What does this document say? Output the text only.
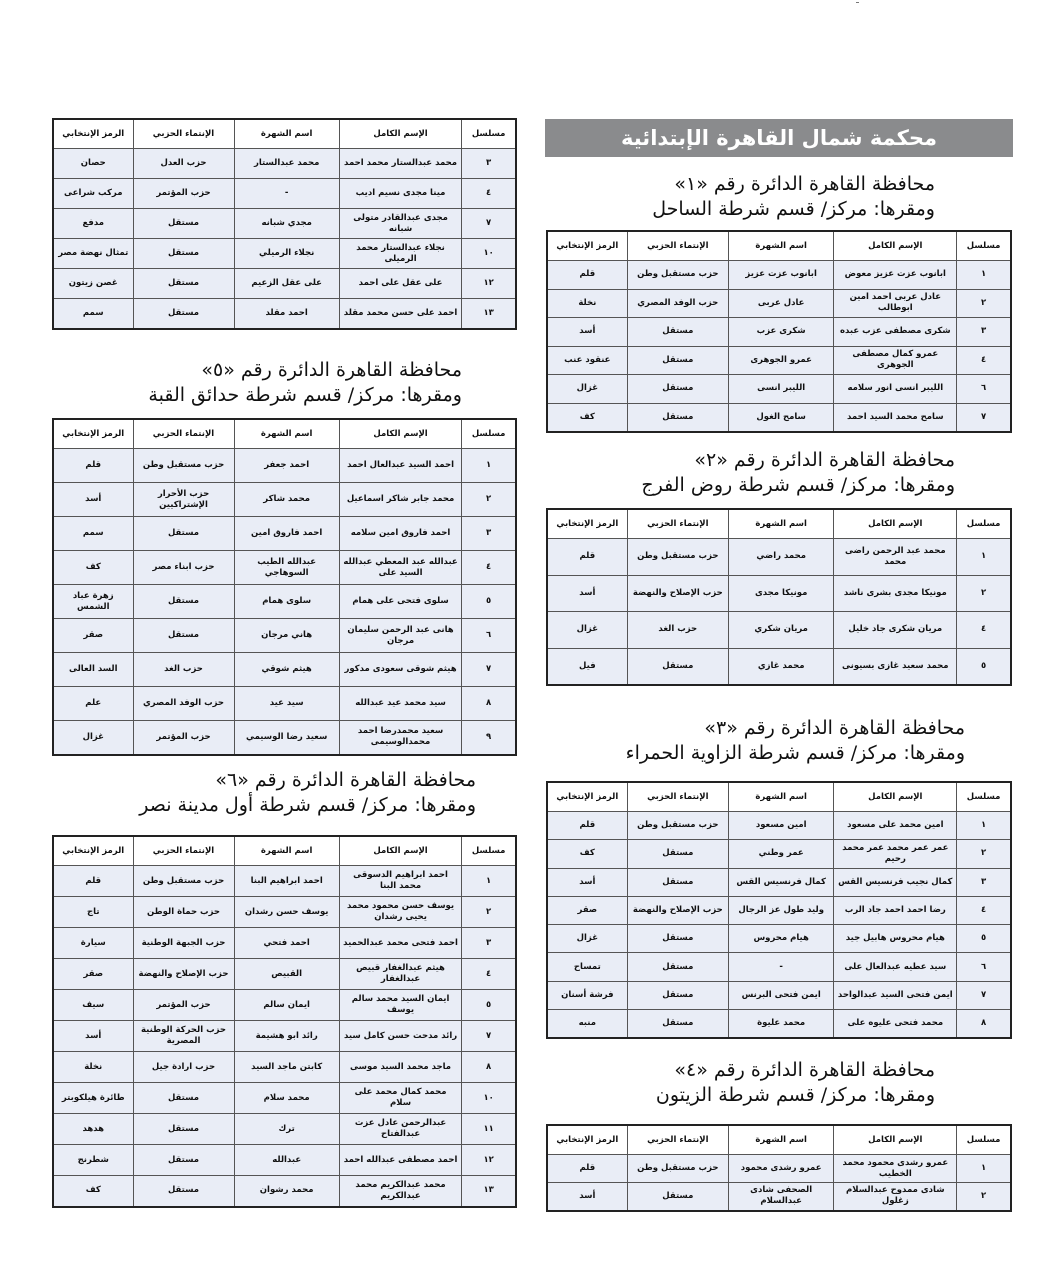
محكمة شمال القاهرة الإبتدائية
محافظة القاهرة الدائرة رقم «١»
ومقرها: مركز/ قسم شرطة الساحل
مسلسل	الإسم الكامل	اسم الشهرة	الإنتماء الحزبي	الرمز الإنتخابي
١	ابانوب عزت عزيز معوض	ابانوب عزت عزيز	حزب مستقبل وطن	قلم
٢	عادل عربى احمد امين ابوطالب	عادل عربى	حزب الوفد المصري	نخلة
٣	شكرى مصطفى عزب عبده	شكرى عزب	مستقل	أسد
٤	عمرو كمال مصطفى الجوهرى	عمرو الجوهرى	مستقل	عنقود عنب
٦	الليبر انسى انور سلامه	الليبر انسى	مستقل	غزال
٧	سامح محمد السيد احمد	سامح الغول	مستقل	كف
محافظة القاهرة الدائرة رقم «٢»
ومقرها: مركز/ قسم شرطة روض الفرج
مسلسل	الإسم الكامل	اسم الشهرة	الإنتماء الحزبي	الرمز الإنتخابي
١	محمد عبد الرحمن راضى محمد	محمد راضي	حزب مستقبل وطن	قلم
٢	مونيكا مجدى بشرى ناشد	مونيكا مجدى	حزب الإصلاح والنهضة	أسد
٤	مريان شكرى جاد خليل	مريان شكري	حزب الغد	غزال
٥	محمد سعيد غازى بسيونى	محمد غازي	مستقل	فيل
محافظة القاهرة الدائرة رقم «٣»
ومقرها: مركز/ قسم شرطة الزاوية الحمراء
مسلسل	الإسم الكامل	اسم الشهرة	الإنتماء الحزبي	الرمز الإنتخابي
١	امين محمد على مسعود	امين مسعود	حزب مستقبل وطن	قلم
٢	عمر عمر محمد عمر محمد رحيم	عمر وطني	مستقل	كف
٣	كمال نجيب فرنسيس القس	كمال فرنسيس القس	مستقل	أسد
٤	رضا احمد احمد جاد الرب	وليد طول عز الرجال	حزب الإصلاح والنهضة	صقر
٥	هيام محروس هابيل جيد	هيام محروس	مستقل	غزال
٦	سيد عطيه عبدالعال على	-	مستقل	تمساح
٧	ايمن فتحى السيد عبدالواحد	ايمن فتحى البرنس	مستقل	فرشة أسنان
٨	محمد فتحى عليوه على	محمد عليوة	مستقل	منبه
محافظة القاهرة الدائرة رقم «٤»
ومقرها: مركز/ قسم شرطة الزيتون
مسلسل	الإسم الكامل	اسم الشهرة	الإنتماء الحزبي	الرمز الإنتخابي
١	عمرو رشدى محمود محمد الخطيب	عمرو رشدى محمود	حزب مستقبل وطن	قلم
٢	شادى ممدوح عبدالسلام زغلول	الصحفى شادى عبدالسلام	مستقل	أسد
مسلسل	الإسم الكامل	اسم الشهرة	الإنتماء الحزبي	الرمز الإنتخابي
٣	محمد عبدالستار محمد احمد	محمد عبدالستار	حزب العدل	حصان
٤	مينا مجدى نسيم اديب	-	حزب المؤتمر	مركب شراعى
٧	مجدى عبدالقادر متولى شبانه	مجدي شبانه	مستقل	مدفع
١٠	نجلاء عبدالستار محمد الرميلى	نجلاء الرميلي	مستقل	تمثال نهضة مصر
١٢	على عقل على احمد	على عقل الزعيم	مستقل	غصن زيتون
١٣	احمد على حسن محمد مقلد	احمد مقلد	مستقل	سمم
محافظة القاهرة الدائرة رقم «٥»
ومقرها: مركز/ قسم شرطة حدائق القبة
مسلسل	الإسم الكامل	اسم الشهرة	الإنتماء الحزبي	الرمز الإنتخابي
١	احمد السيد عبدالعال احمد	احمد جعفر	حزب مستقبل وطن	قلم
٢	محمد جابر شاكر اسماعيل	محمد شاكر	حزب الأحرار الإشتراكيين	أسد
٣	احمد فاروق امين سلامه	احمد فاروق امين	مستقل	سمم
٤	عبدالله عبد المعطي عبدالله السيد على	عبدالله الطيب السوهاجي	حزب ابناء مصر	كف
٥	سلوى فتحى على همام	سلوى همام	مستقل	زهرة عباد الشمس
٦	هانى عبد الرحمن سليمان مرجان	هاني مرجان	مستقل	صقر
٧	هيثم شوقى سعودى مدكور	هيثم شوقي	حزب الغد	السد العالى
٨	سيد محمد عيد عبدالله	سيد عيد	حزب الوفد المصري	علم
٩	سعيد محمدرضا احمد محمدالوسيمى	سعيد رضا الوسيمي	حزب المؤتمر	غزال
محافظة القاهرة الدائرة رقم «٦»
ومقرها: مركز/ قسم شرطة أول مدينة نصر
مسلسل	الإسم الكامل	اسم الشهرة	الإنتماء الحزبي	الرمز الإنتخابي
١	احمد ابراهيم الدسوقى محمد البنا	احمد ابراهيم البنا	حزب مستقبل وطن	قلم
٢	يوسف حسن محمود محمد يحيى رشدان	يوسف حسن رشدان	حزب حماة الوطن	تاج
٣	احمد فتحى محمد عبدالحميد	احمد فتحي	حزب الجبهة الوطنية	سيارة
٤	هيثم عبدالغفار قبيص عبدالغفار	القبيص	حزب الإصلاح والنهضة	صقر
٥	ايمان السيد محمد سالم يوسف	ايمان سالم	حزب المؤتمر	سيف
٧	رائد مدحت حسن كامل سيد	رائد ابو هشيمة	حزب الحركة الوطنية المصرية	أسد
٨	ماجد محمد السيد موسى	كابتن ماجد السيد	حزب ارادة جيل	نخلة
١٠	محمد كمال محمد على سلام	محمد سلام	مستقل	طائرة هيلكوبتر
١١	عبدالرحمن عادل عزت عبدالفتاح	ترك	مستقل	هدهد
١٢	احمد مصطفى عبدالله احمد	عبدالله	مستقل	شطرنج
١٣	محمد عبدالكريم محمد عبدالكريم	محمد رشوان	مستقل	كف
